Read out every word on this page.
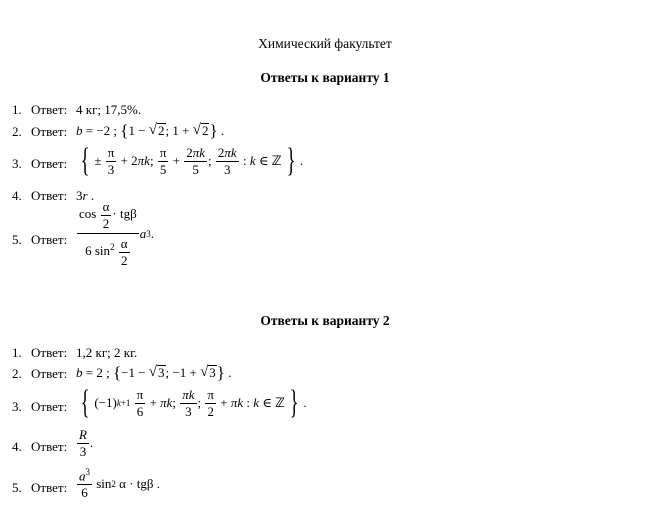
Химический факультет
Ответы к варианту 1
1. Ответ: 4 кг; 17,5%.
2. Ответ: b = −2 ; { 1 − √ 2 ; 1 + √ 2 } .
3. Ответ: { ± $\frac{\pi}{3} + 2$ πk ; $\frac{\pi}{5} + \frac{2\pi k}{5}$ ; $\frac{2\pi k}{3}$ : k ∈ ℤ } .
4. Ответ: 3r .
5. Ответ: $\frac{\cos \frac{\alpha}{2} \cdot tg\beta}{6 \sin^2 \frac{\alpha}{2}}$ a 3 .
Ответы к варианту 2
1. Ответ: 1,2 кг; 2 кг.
2. Ответ: b = 2 ; { −1 − √ 3 ; −1 + √ 3 } .
3. Ответ: { (−1) k+1
$\frac{\pi}{6} + \pi k$ ; $\frac{\pi k}{3}$ ; $\frac{\pi}{2} + \pi k$ : k ∈ ℤ } .
4. Ответ: $\frac{R}{3}$ .
5. Ответ: $\frac{a^3}{6}$ sin 2 α · tgβ .
